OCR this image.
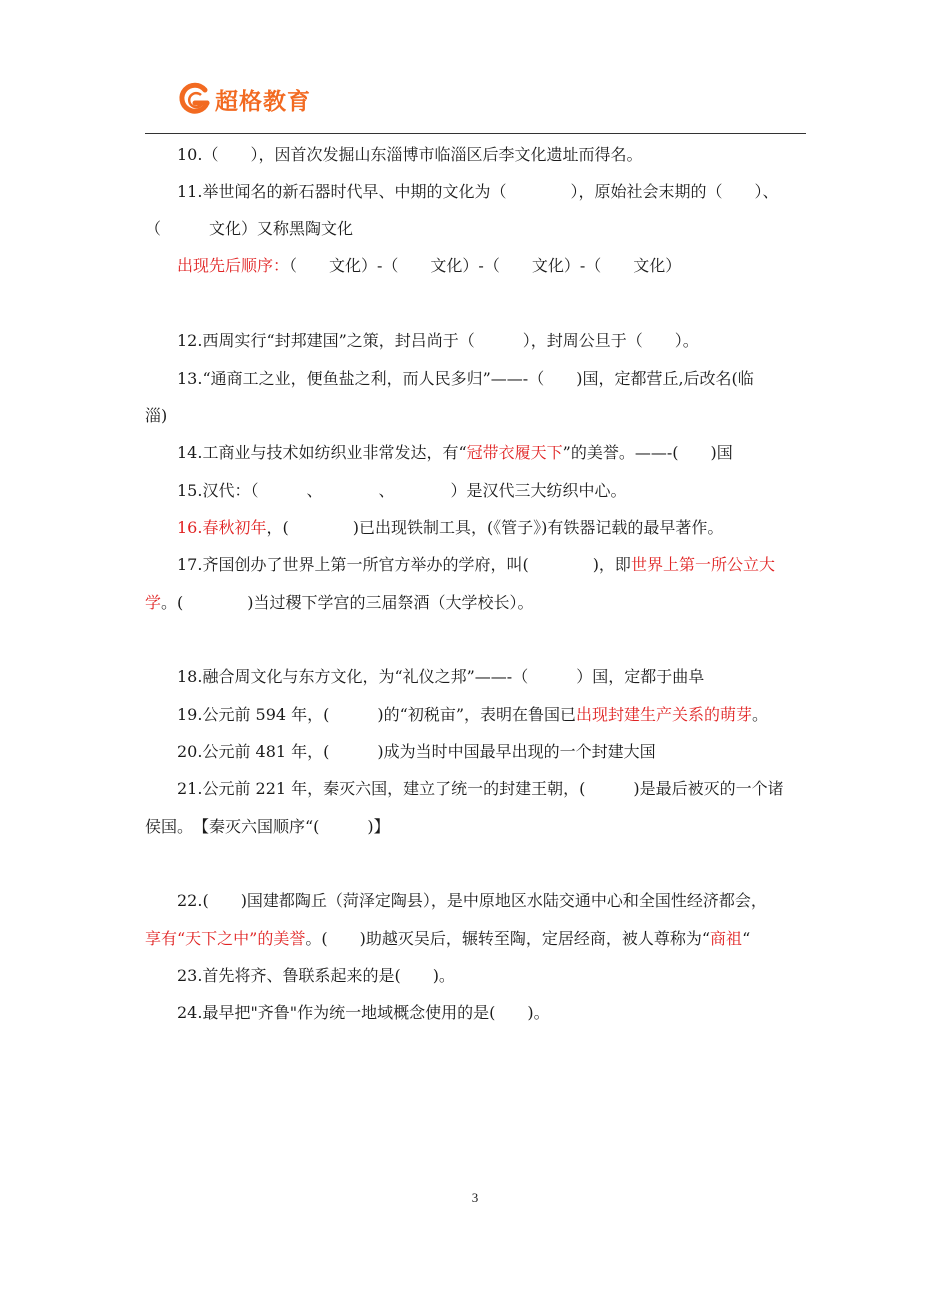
超格教育
10.（　　），因首次发掘山东淄博市临淄区后李文化遗址而得名。
11.举世闻名的新石器时代早、中期的文化为（　　　　），原始社会末期的（　　）、
（　　　文化）又称黑陶文化
出现先后顺序：（　　文化）-（　　文化）-（　　文化）-（　　文化）
12.西周实行“封邦建国”之策，封吕尚于（　　　），封周公旦于（　　）。
13.“通商工之业，便鱼盐之利，而人民多归”——-（　　)国，定都营丘,后改名(临
淄)
14.工商业与技术如纺织业非常发达，有“冠带衣履天下”的美誉。——-(　　)国
15.汉代：（　　　、　　　　、　　　　）是汉代三大纺织中心。
16.春秋初年，(　　　　)已出现铁制工具，(《管子》)有铁器记载的最早著作。
17.齐国创办了世界上第一所官方举办的学府，叫(　　　　)，即世界上第一所公立大
学。(　　　　)当过稷下学宫的三届祭酒（大学校长）。
18.融合周文化与东方文化，为“礼仪之邦”——-（　　　）国，定都于曲阜
19.公元前 594 年，(　　　)的“初税亩”，表明在鲁国已出现封建生产关系的萌芽。
20.公元前 481 年，(　　　)成为当时中国最早出现的一个封建大国
21.公元前 221 年，秦灭六国，建立了统一的封建王朝，(　　　)是最后被灭的一个诸
侯国。　【秦灭六国顺序“(　　　)】
22.(　　)国建都陶丘（菏泽定陶县），是中原地区水陆交通中心和全国性经济都会，
享有“天下之中”的美誉。(　　)助越灭吴后，辗转至陶，定居经商，被人尊称为“商祖“
23.首先将齐、鲁联系起来的是(　　)。
24.最早把"齐鲁"作为统一地域概念使用的是(　　)。
3
